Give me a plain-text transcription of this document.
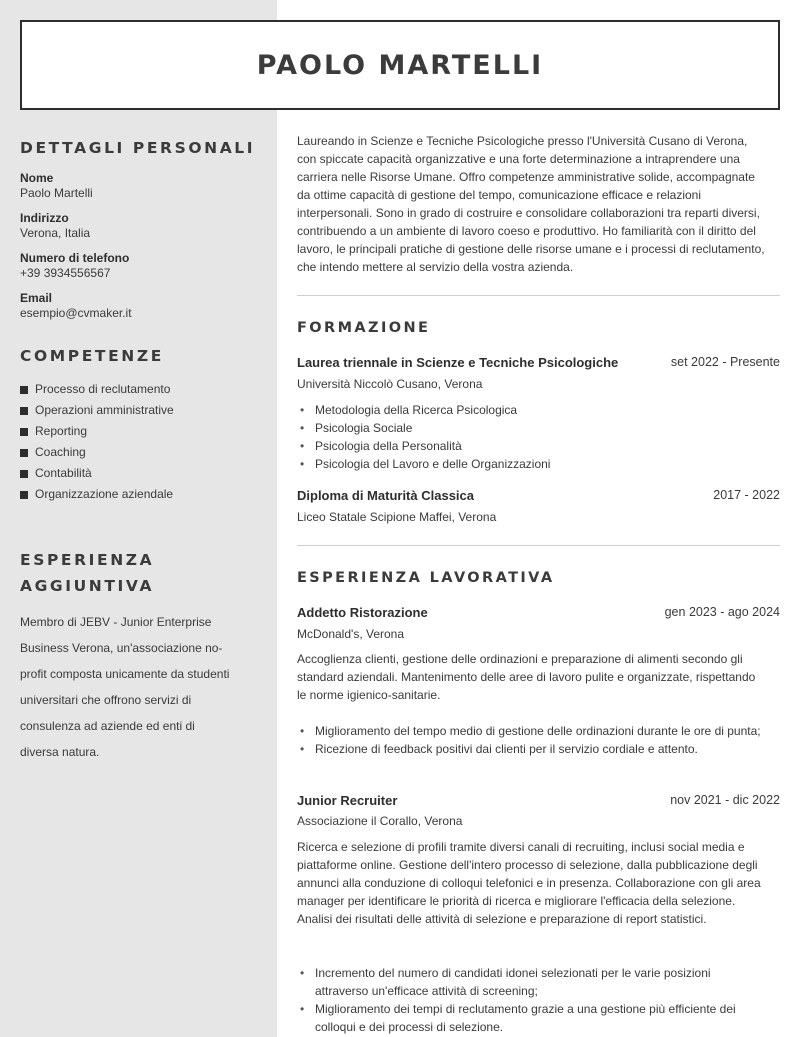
PAOLO MARTELLI
DETTAGLI PERSONALI
Nome
Paolo Martelli
Indirizzo
Verona, Italia
Numero di telefono
+39 3934556567
Email
esempio@cvmaker.it
COMPETENZE
Processo di reclutamento
Operazioni amministrative
Reporting
Coaching
Contabilità
Organizzazione aziendale
ESPERIENZA
AGGIUNTIVA
Membro di JEBV - Junior Enterprise Business Verona, un'associazione no-profit composta unicamente da studenti universitari che offrono servizi di consulenza ad aziende ed enti di diversa natura.
Laureando in Scienze e Tecniche Psicologiche presso l'Università Cusano di Verona, con spiccate capacità organizzative e una forte determinazione a intraprendere una carriera nelle Risorse Umane. Offro competenze amministrative solide, accompagnate da ottime capacità di gestione del tempo, comunicazione efficace e relazioni interpersonali. Sono in grado di costruire e consolidare collaborazioni tra reparti diversi, contribuendo a un ambiente di lavoro coeso e produttivo. Ho familiarità con il diritto del lavoro, le principali pratiche di gestione delle risorse umane e i processi di reclutamento, che intendo mettere al servizio della vostra azienda.
FORMAZIONE
Laurea triennale in Scienze e Tecniche Psicologiche	set 2022 - Presente
Università Niccolò Cusano, Verona
• Metodologia della Ricerca Psicologica
• Psicologia Sociale
• Psicologia della Personalità
• Psicologia del Lavoro e delle Organizzazioni
Diploma di Maturità Classica	2017 - 2022
Liceo Statale Scipione Maffei, Verona
ESPERIENZA LAVORATIVA
Addetto Ristorazione	gen 2023 - ago 2024
McDonald's, Verona
Accoglienza clienti, gestione delle ordinazioni e preparazione di alimenti secondo gli standard aziendali. Mantenimento delle aree di lavoro pulite e organizzate, rispettando le norme igienico-sanitarie.
• Miglioramento del tempo medio di gestione delle ordinazioni durante le ore di punta;
• Ricezione di feedback positivi dai clienti per il servizio cordiale e attento.
Junior Recruiter	nov 2021 - dic 2022
Associazione il Corallo, Verona
Ricerca e selezione di profili tramite diversi canali di recruiting, inclusi social media e piattaforme online. Gestione dell'intero processo di selezione, dalla pubblicazione degli annunci alla conduzione di colloqui telefonici e in presenza. Collaborazione con gli area manager per identificare le priorità di ricerca e migliorare l'efficacia della selezione. Analisi dei risultati delle attività di selezione e preparazione di report statistici.
• Incremento del numero di candidati idonei selezionati per le varie posizioni attraverso un'efficace attività di screening;
• Miglioramento dei tempi di reclutamento grazie a una gestione più efficiente dei colloqui e dei processi di selezione.
